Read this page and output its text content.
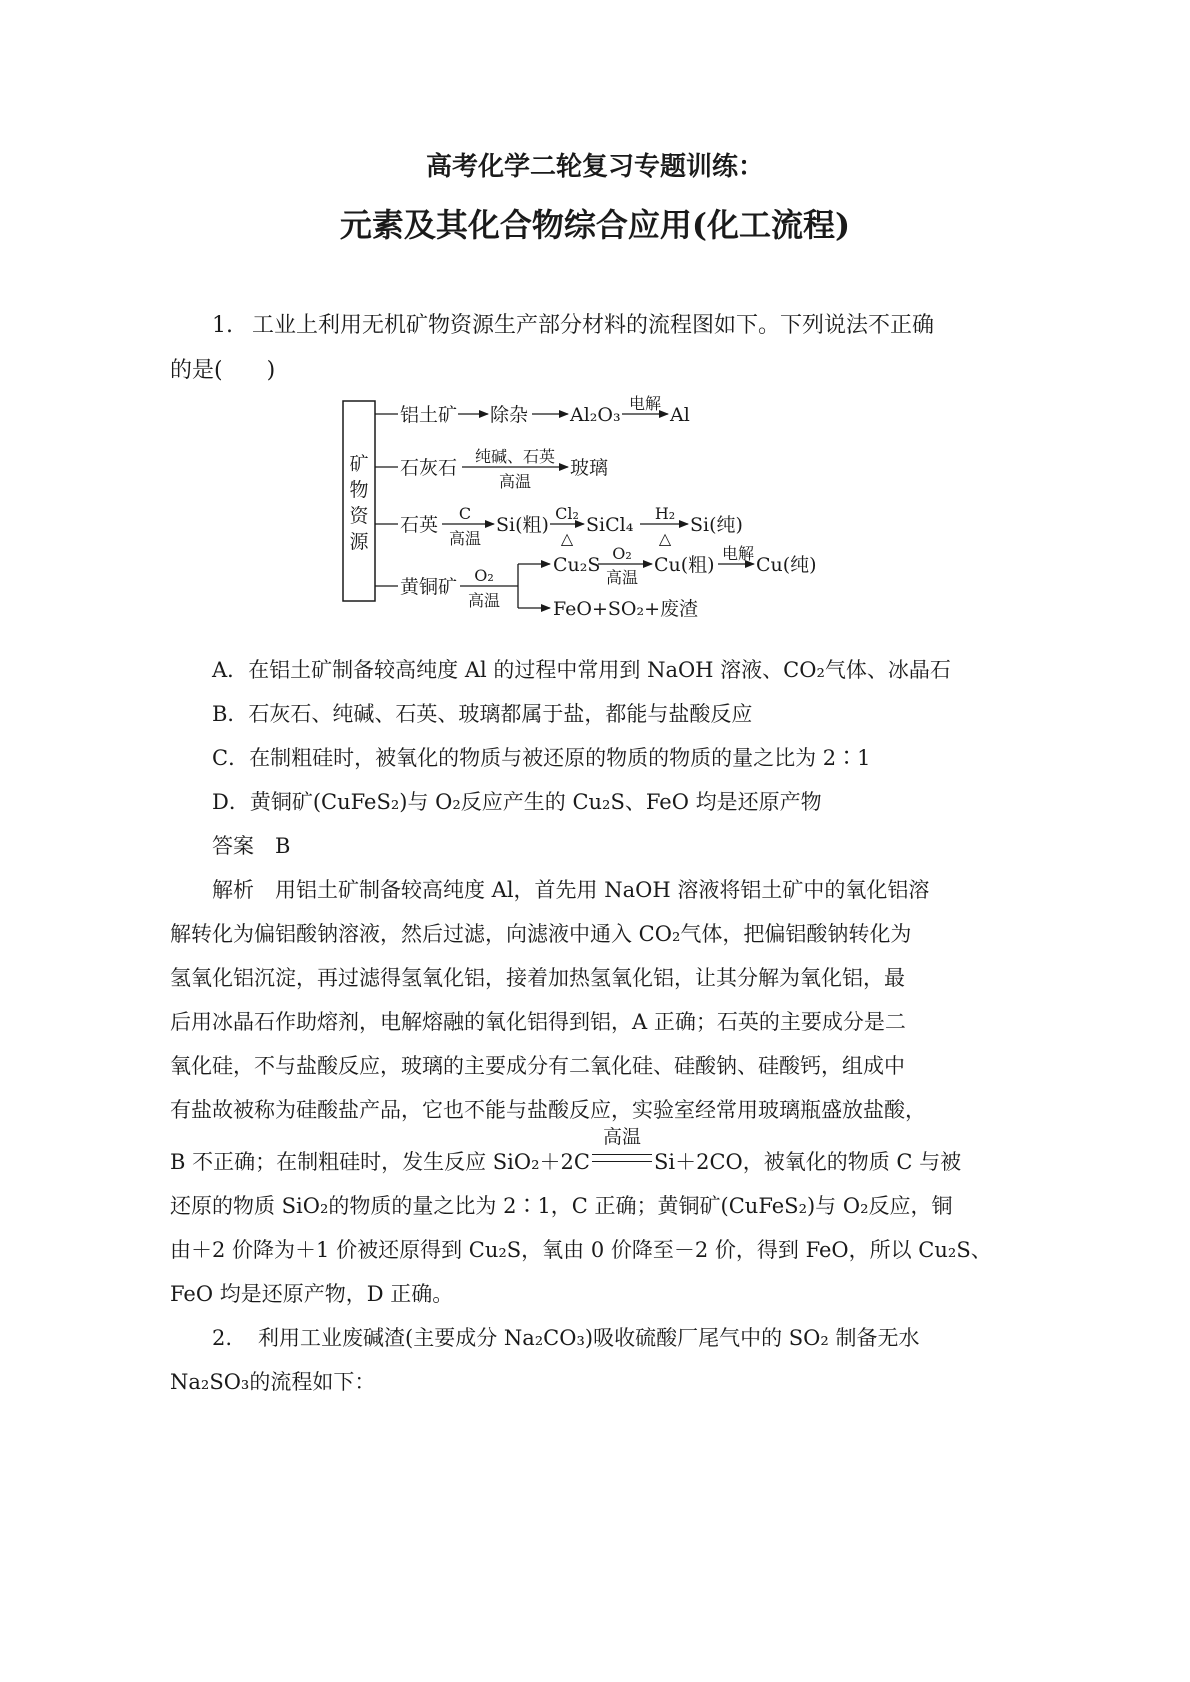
高考化学二轮复习专题训练：
元素及其化合物综合应用(化工流程)
1. 工业上利用无机矿物资源生产部分材料的流程图如下。下列说法不正确
的是(　　)
矿
物
资
源
铝土矿 除杂 Al₂O₃
电解
Al
石灰石
纯碱、石英
高温
玻璃
石英
C
高温
Si(粗)
Cl₂
△
SiCl₄
H₂
△
Si(纯)
黄铜矿
O₂
高温
Cu₂S
O₂
高温
Cu(粗)
电解
Cu(纯)
FeO+SO₂+废渣
A．在铝土矿制备较高纯度 Al 的过程中常用到 NaOH 溶液、CO₂气体、冰晶石
B．石灰石、纯碱、石英、玻璃都属于盐，都能与盐酸反应
C．在制粗硅时，被氧化的物质与被还原的物质的物质的量之比为 2∶1
D．黄铜矿(CuFeS₂)与 O₂反应产生的 Cu₂S、FeO 均是还原产物
答案　B
解析　用铝土矿制备较高纯度 Al，首先用 NaOH 溶液将铝土矿中的氧化铝溶
解转化为偏铝酸钠溶液，然后过滤，向滤液中通入 CO₂气体，把偏铝酸钠转化为
氢氧化铝沉淀，再过滤得氢氧化铝，接着加热氢氧化铝，让其分解为氧化铝，最
后用冰晶石作助熔剂，电解熔融的氧化铝得到铝，A 正确；石英的主要成分是二
氧化硅，不与盐酸反应，玻璃的主要成分有二氧化硅、硅酸钠、硅酸钙，组成中
有盐故被称为硅酸盐产品，它也不能与盐酸反应，实验室经常用玻璃瓶盛放盐酸，
B 不正确；在制粗硅时，发生反应 SiO₂＋2C
高温
Si＋2CO，被氧化的物质 C 与被
还原的物质 SiO₂的物质的量之比为 2∶1，C 正确；黄铜矿(CuFeS₂)与 O₂反应，铜
由＋2 价降为＋1 价被还原得到 Cu₂S，氧由 0 价降至－2 价，得到 FeO，所以 Cu₂S、
FeO 均是还原产物，D 正确。
2. 利用工业废碱渣(主要成分 Na₂CO₃)吸收硫酸厂尾气中的 SO₂ 制备无水
Na₂SO₃的流程如下：
